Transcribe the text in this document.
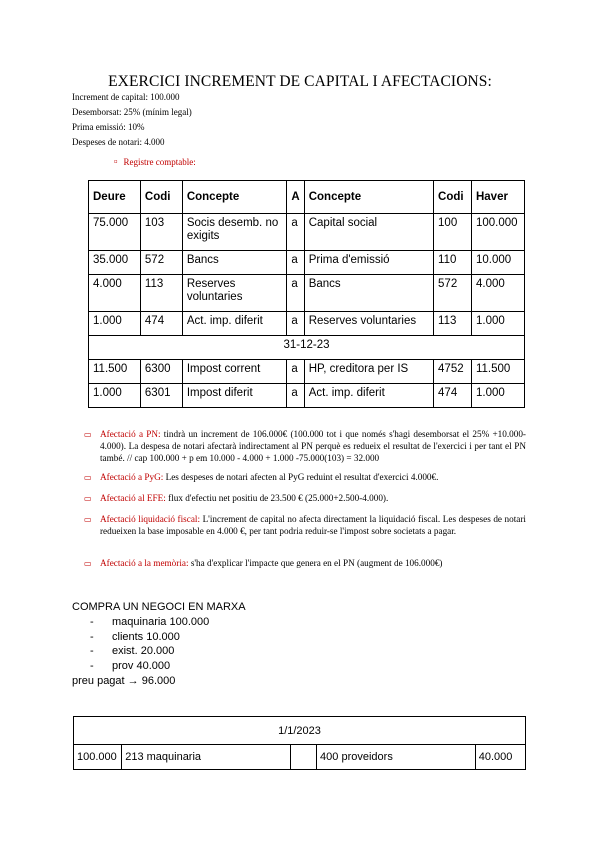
EXERCICI INCREMENT DE CAPITAL I AFECTACIONS:
Increment de capital: 100.000
Desemborsat: 25% (mínim legal)
Prima emissió: 10%
Despeses de notari: 4.000
¤ Registre comptable:
Deure	Codi	Concepte	A	Concepte	Codi	Haver
75.000	103	Socis desemb. no exigits	a	Capital social	100	100.000
35.000	572	Bancs	a	Prima d'emissió	110	10.000
4.000	113	Reserves voluntaries	a	Bancs	572	4.000
1.000	474	Act. imp. diferit	a	Reserves voluntaries	113	1.000
31-12-23						
11.500	6300	Impost corrent	a	HP, creditora per IS	4752	11.500
1.000	6301	Impost diferit	a	Act. imp. diferit	474	1.000
▭ Afectació a PN: tindrà un increment de 106.000€ (100.000 tot i que només s'hagi desemborsat el 25% +10.000-4.000). La despesa de notari afectarà indirectament al PN perquè es redueix el resultat de l'exercici i per tant el PN també. // cap 100.000 + p em 10.000 - 4.000 + 1.000 -75.000(103) = 32.000
▭ Afectació a PyG: Les despeses de notari afecten al PyG reduint el resultat d'exercici 4.000€.
▭ Afectació al EFE: flux d'efectiu net positiu de 23.500 € (25.000+2.500-4.000).
▭ Afectació liquidació fiscal: L'increment de capital no afecta directament la liquidació fiscal. Les despeses de notari redueixen la base imposable en 4.000 €, per tant podria reduir-se l'impost sobre societats a pagar.
▭ Afectació a la memòria: s'ha d'explicar l'impacte que genera en el PN (augment de 106.000€)
COMPRA UN NEGOCI EN MARXA
- maquinaria 100.000
- clients 10.000
- exist. 20.000
- prov 40.000
preu pagat → 96.000
1/1/2023
100.000	213 maquinaria		400 proveidors	40.000
